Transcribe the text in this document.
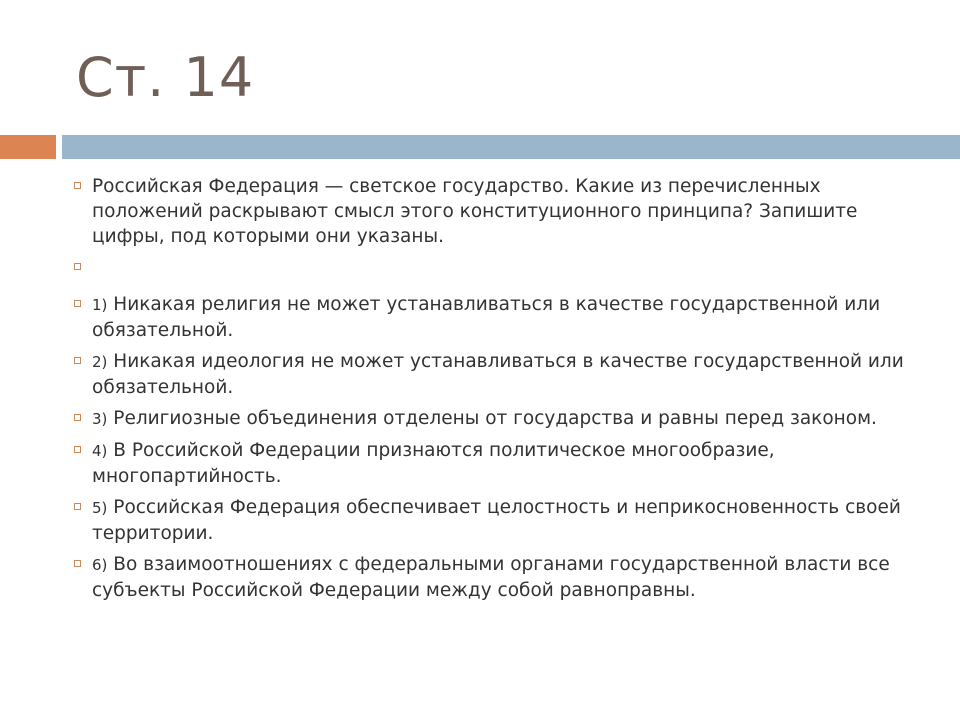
Ст. 14
Российская Федерация — светское государство. Какие из перечисленных положений раскрывают смысл этого конституционного принципа? Запишите цифры, под которыми они указаны.
1) Никакая религия не может устанавливаться в качестве государственной или обязательной.
2) Никакая идеология не может устанавливаться в качестве государственной или обязательной.
3) Религиозные объединения отделены от государства и равны перед законом.
4) В Российской Федерации признаются политическое многообразие, многопартийность.
5) Российская Федерация обеспечивает целостность и неприкосновенность своей территории.
6) Во взаимоотношениях с федеральными органами государственной власти все субъекты Российской Федерации между собой равноправны.
